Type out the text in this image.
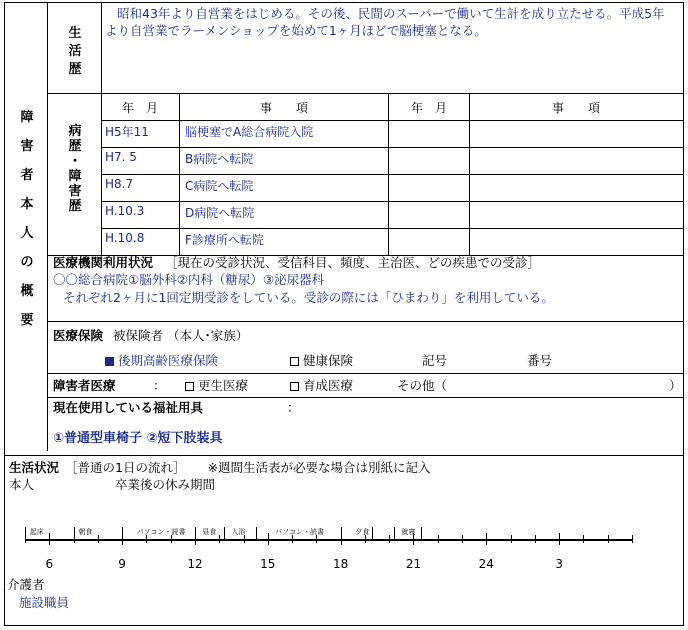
障
害
者
本
人
の
概
要
生
活
歴
昭和43年より自営業をはじめる。その後、民間のスーパーで働いて生計を成り立たせる。平成5年より自営業でラーメンショップを始めて1ヶ月ほどで脳梗塞となる。
病
歴
・
障
害
歴
年　月	事　　項	年　月	事　　項
H5年11	脳梗塞でA総合病院入院
H7. 5	B病院へ転院
H8.7	C病院へ転院
H.10.3	D病院へ転院
H.10.8	F診療所へ転院
医療機関利用状況 ［現在の受診状況、受信科目、頻度、主治医、どの疾患での受診］
〇〇総合病院①脳外科②内科（糖尿）③泌尿器科
それぞれ2ヶ月に1回定期受診をしている。受診の際には「ひまわり」を利用している。
医療保険 被保険者 （本人･家族）
後期高齢医療保険	健康保険	記号	番号
障害者医療	：	更生医療	育成医療	その他（	）
現在使用している福祉用具	：
①普通型車椅子 ②短下肢装具
生活状況 ［普通の1日の流れ］ ※週間生活表が必要な場合は別紙に記入
本人	卒業後の休み期間
6	9	12	15	18	21	24	3
起床	朝食	パソコン・読書 昼食 入浴	パソコン・読書	夕食	就寝
介護者
施設職員
